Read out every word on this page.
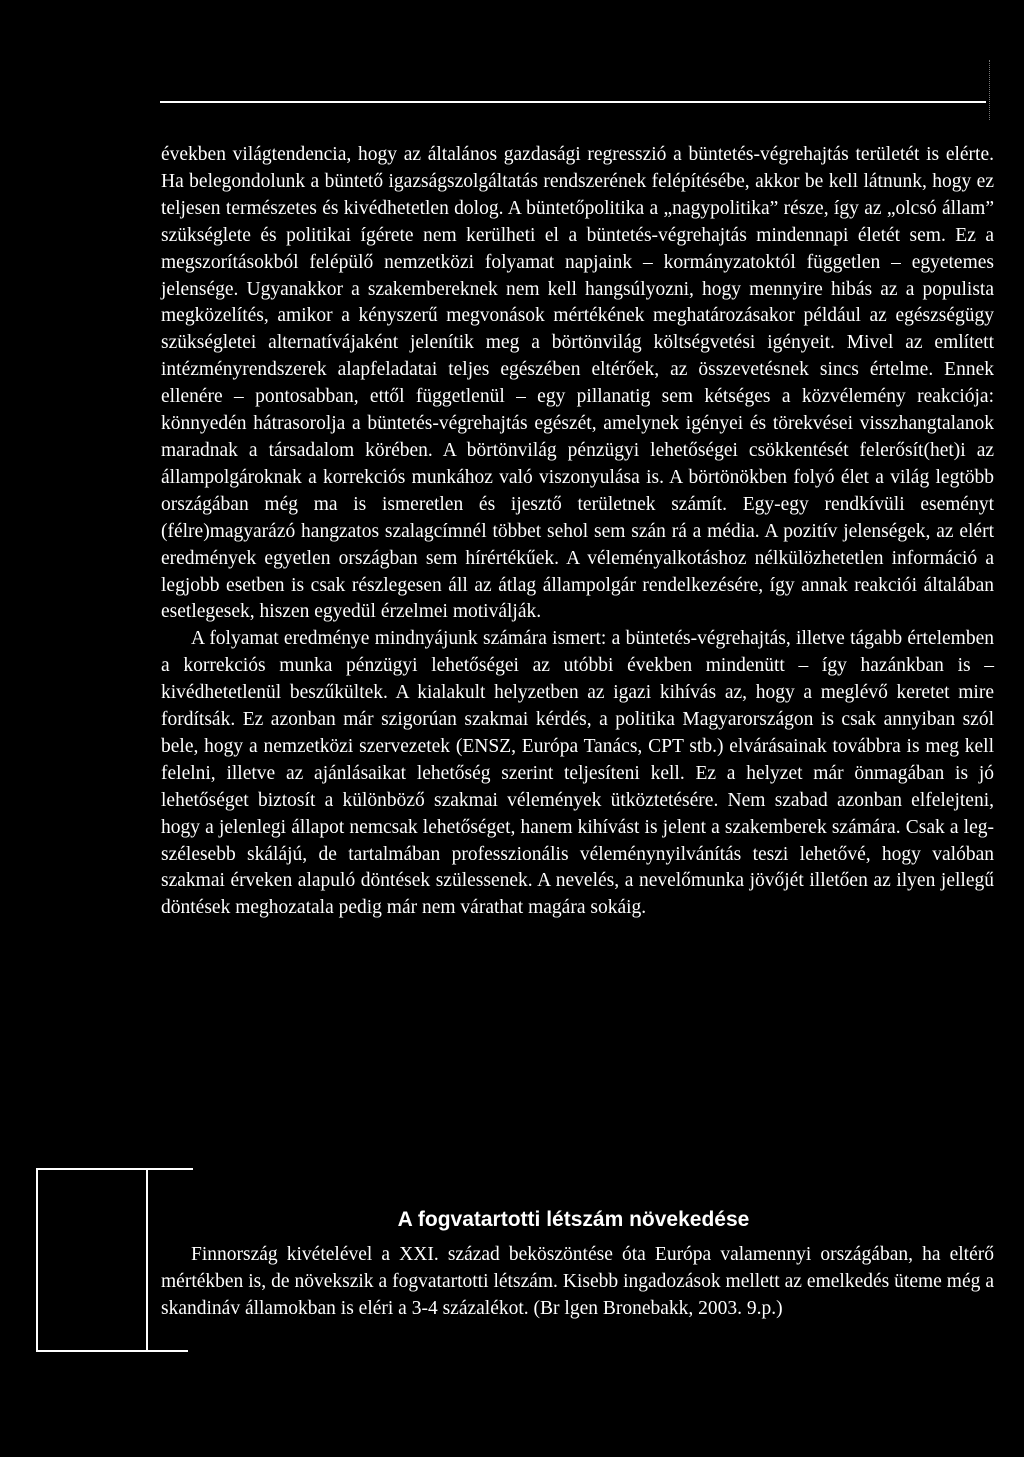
években világtendencia, hogy az általános gazdasági regresszió a büntetés-végrehajtás területét is elérte. Ha belegondolunk a büntető igazságszolgáltatás rendszerének felépítésébe, akkor be kell látnunk, hogy ez teljesen természetes és kivédhetetlen dolog. A büntetőpolitika a „nagypolitika” része, így az „olcsó állam” szükséglete és politikai ígérete nem kerülheti el a büntetés-végrehajtás mindennapi életét sem. Ez a megszorításokból felépülő nemzetközi folyamat napjaink – kormányzatoktól független – egyetemes jelensége. Ugyanakkor a szakembereknek nem kell hangsúlyozni, hogy mennyire hibás az a populista megközelítés, amikor a kényszerű megvonások mértékének meghatározásakor például az egészségügy szükségletei alternatívájaként jelenítik meg a börtönvilág költségvetési igényeit. Mivel az említett intézményrendszerek alapfeladatai teljes egészében eltérőek, az összevetésnek sincs értelme. Ennek ellenére – pontosabban, ettől függetlenül – egy pillanatig sem kétséges a közvélemény reakciója: könnyedén hátrasorolja a büntetés-végrehajtás egészét, amelynek igényei és törekvései visszhangtalanok maradnak a társadalom körében. A börtönvilág pénzügyi lehetőségei csökkentését felerősít(het)i az állampolgároknak a korrekciós munkához való viszonyulása is. A börtönökben folyó élet a világ legtöbb országában még ma is ismeretlen és ijesztő területnek számít. Egy-egy rendkívüli eseményt (félre)magyarázó hangzatos szalagcímnél többet sehol sem szán rá a média. A pozitív jelenségek, az elért eredmények egyetlen országban sem hírértékűek. A véleményalkotáshoz nélkülözhetetlen információ a legjobb esetben is csak részlegesen áll az átlag állampolgár rendelkezésére, így annak reakciói általában esetlegesek, hiszen egyedül érzelmei motiválják.

A folyamat eredménye mindnyájunk számára ismert: a büntetés-végrehajtás, illetve tágabb értelemben a korrekciós munka pénzügyi lehetőségei az utóbbi években mindenütt – így hazánkban is – kivédhetetlenül beszűkültek. A kialakult helyzetben az igazi kihívás az, hogy a meglévő keretet mire fordítsák. Ez azonban már szigorúan szakmai kérdés, a politika Magyarországon is csak annyiban szól bele, hogy a nemzetközi szervezetek (ENSZ, Európa Tanács, CPT stb.) elvárásainak továbbra is meg kell felelni, illetve az ajánlásaikat lehetőség szerint teljesíteni kell. Ez a helyzet már önmagában is jó lehetőséget biztosít a különböző szakmai vélemények ütköztetésére. Nem szabad azonban elfelejteni, hogy a jelenlegi állapot nemcsak lehetőséget, hanem kihívást is jelent a szakemberek számára. Csak a legszélesebb skálájú, de tartalmában professzionális véleménynyilvánítás teszi lehetővé, hogy valóban szakmai érveken alapuló döntések szülessenek. A nevelés, a nevelőmunka jövőjét illetően az ilyen jellegű döntések meghozatala pedig már nem várathat magára sokáig.

A fogvatartotti létszám növekedése

Finnország kivételével a XXI. század beköszöntése óta Európa valamennyi országában, ha eltérő mértékben is, de növekszik a fogvatartotti létszám. Kisebb ingadozások mellett az emelkedés üteme még a skandináv államokban is eléri a 3-4 százalékot. (Br lgen Bronebakk, 2003. 9.p.)
